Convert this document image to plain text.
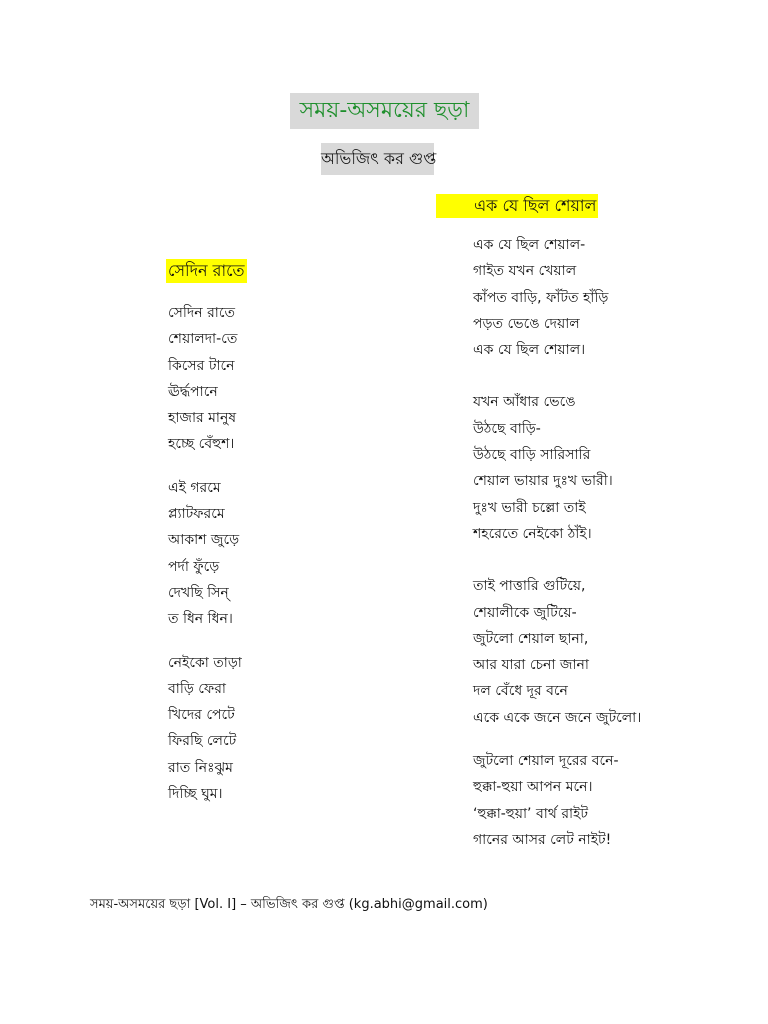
সময়-অসময়ের ছড়া
অভিজিৎ কর গুপ্ত
এক যে ছিল শেয়াল
সেদিন রাতে
সেদিন রাতে
শেয়ালদা-তে
কিসের টানে
ঊর্দ্ধপানে
হাজার মানুষ
হচ্ছে বেঁহুশ।
এই গরমে
প্ল্যাটফরমে
আকাশ জুড়ে
পর্দা ফুঁড়ে
দেখছি সিন্
ত ধিন ধিন।
নেইকো তাড়া
বাড়ি ফেরা
খিদের পেটে
ফিরছি লেটে
রাত নিঃঝুম
দিচ্ছি ঘুম।
এক যে ছিল শেয়াল-
গাইত যখন খেয়াল
কাঁপত বাড়ি, ফাঁটত হাঁড়ি
পড়ত ভেঙে দেয়াল
এক যে ছিল শেয়াল।
যখন আঁধার ভেঙে
উঠছে বাড়ি-
উঠছে বাড়ি সারিসারি
শেয়াল ভায়ার দুঃখ ভারী।
দুঃখ ভারী চল্লো তাই
শহরেতে নেইকো ঠাঁই।
তাই পাত্তারি গুটিয়ে,
শেয়ালীকে জুটিয়ে-
জুটলো শেয়াল ছানা,
আর যারা চেনা জানা
দল বেঁধে দূর বনে
একে একে জনে জনে জুটলো।
জুটলো শেয়াল দূরের বনে-
হুক্কা-হুয়া আপন মনে।
‘হুক্কা-হুয়া’ বার্থ রাইট
গানের আসর লেট নাইট!
সময়-অসময়ের ছড়া [Vol. I] – অভিজিৎ কর গুপ্ত (kg.abhi@gmail.com)
